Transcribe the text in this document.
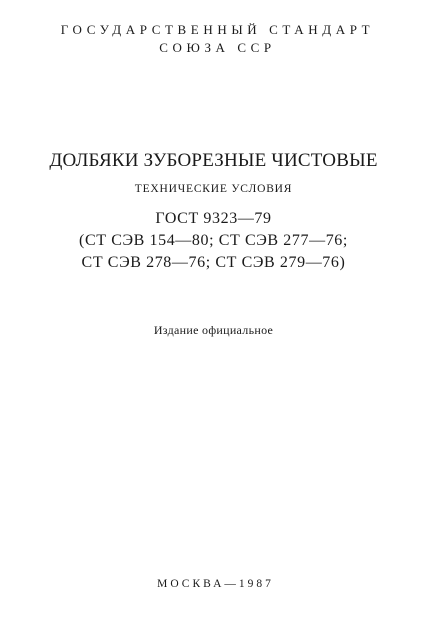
ГОСУДАРСТВЕННЫЙ СТАНДАРТ
СОЮЗА ССР
ДОЛБЯКИ ЗУБОРЕЗНЫЕ ЧИСТОВЫЕ
ТЕХНИЧЕСКИЕ УСЛОВИЯ
ГОСТ 9323—79
(СТ СЭВ 154—80; СТ СЭВ 277—76;
СТ СЭВ 278—76; СТ СЭВ 279—76)
Издание официальное
МОСКВА—1987
